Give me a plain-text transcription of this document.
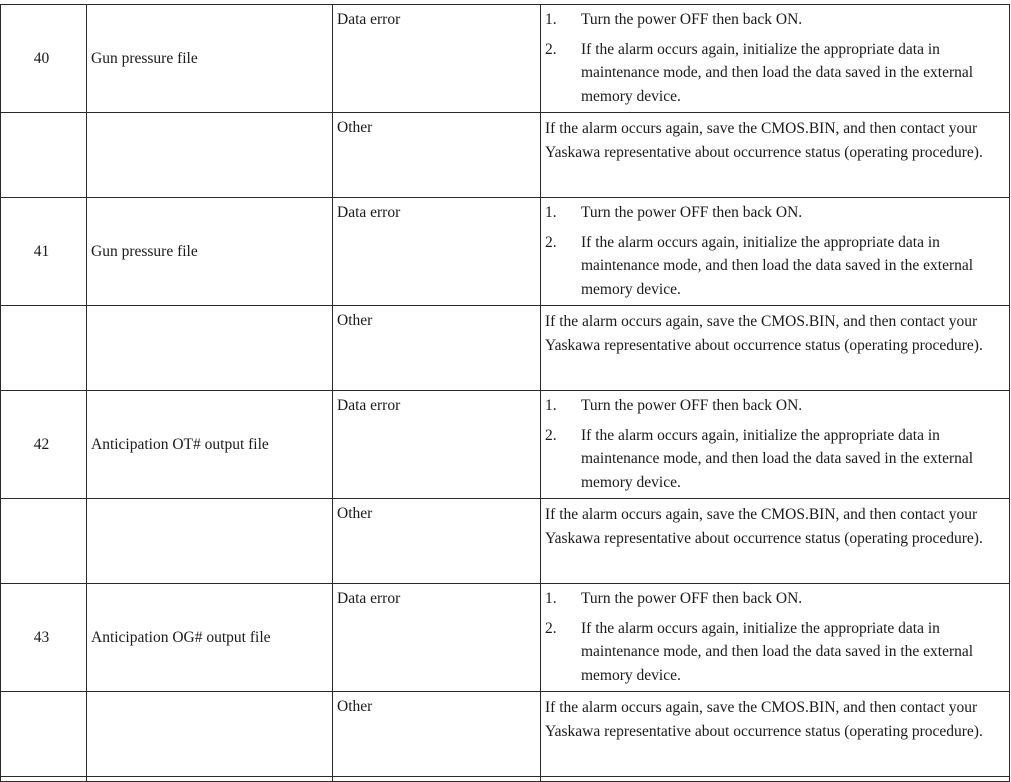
40	Gun pressure file	Data error	1. Turn the power OFF then back ON.
2. If the alarm occurs again, initialize the appropriate data in maintenance mode, and then load the data saved in the external memory device.

		Other	If the alarm occurs again, save the CMOS.BIN, and then contact your Yaskawa representative about occurrence status (operating procedure).
41	Gun pressure file	Data error	1. Turn the power OFF then back ON.
2. If the alarm occurs again, initialize the appropriate data in maintenance mode, and then load the data saved in the external memory device.

		Other	If the alarm occurs again, save the CMOS.BIN, and then contact your Yaskawa representative about occurrence status (operating procedure).
42	Anticipation OT# output file	Data error	1. Turn the power OFF then back ON.
2. If the alarm occurs again, initialize the appropriate data in maintenance mode, and then load the data saved in the external memory device.

		Other	If the alarm occurs again, save the CMOS.BIN, and then contact your Yaskawa representative about occurrence status (operating procedure).
43	Anticipation OG# output file	Data error	1. Turn the power OFF then back ON.
2. If the alarm occurs again, initialize the appropriate data in maintenance mode, and then load the data saved in the external memory device.

		Other	If the alarm occurs again, save the CMOS.BIN, and then contact your Yaskawa representative about occurrence status (operating procedure).
